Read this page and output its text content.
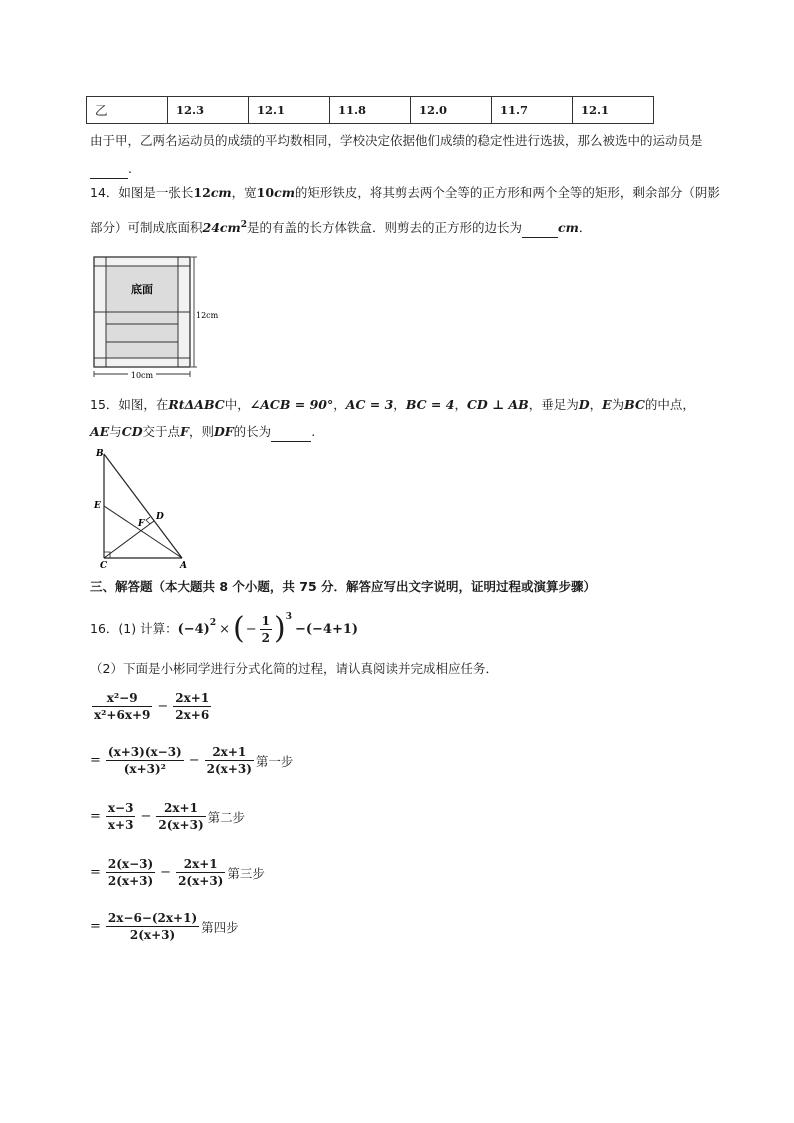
乙	12.3	12.1	11.8	12.0	11.7	12.1
由于甲，乙两名运动员的成绩的平均数相同，学校决定依据他们成绩的稳定性进行选拔，那么被选中的运动员是
.
14．如图是一张长12cm，宽10cm的矩形铁皮，将其剪去两个全等的正方形和两个全等的矩形，剩余部分（阴影
部分）可制成底面积$24cm^2$是的有盖的长方体铁盒．则剪去的正方形的边长为	cm．
底面
12cm
10cm
15．如图，在RtΔABC中，∠ACB = 90°，AC = 3，BC = 4，CD ⊥ AB，垂足为D，E为BC的中点，
AE与CD交于点F，则DF的长为	.
B
E
F
D
C	A
三、解答题（本大题共 8 个小题，共 75 分．解答应写出文字说明，证明过程或演算步骤）
16．(1) 计算： $(-4)^2$ × ( − $\frac{1}{2} )^3$
−(−4+1)
（2）下面是小彬同学进行分式化简的过程，请认真阅读并完成相应任务．
$\frac{\text{x²−9}}{\text{x²+6x+9}} - \frac{2x+1}{2x+6}$
= $\frac{(x+3)(x-3)}{\text{(x+3)²}} - \frac{2x+1}{2(x+3)}$ 第一步
= $\frac{x-3}{x+3} - \frac{2x+1}{2(x+3)}$ 第二步
= $\frac{2(x-3)}{2(x+3)} - \frac{2x+1}{2(x+3)}$ 第三步
= $\frac{2x-6-(2x+1)}{2(x+3)}$ 第四步
